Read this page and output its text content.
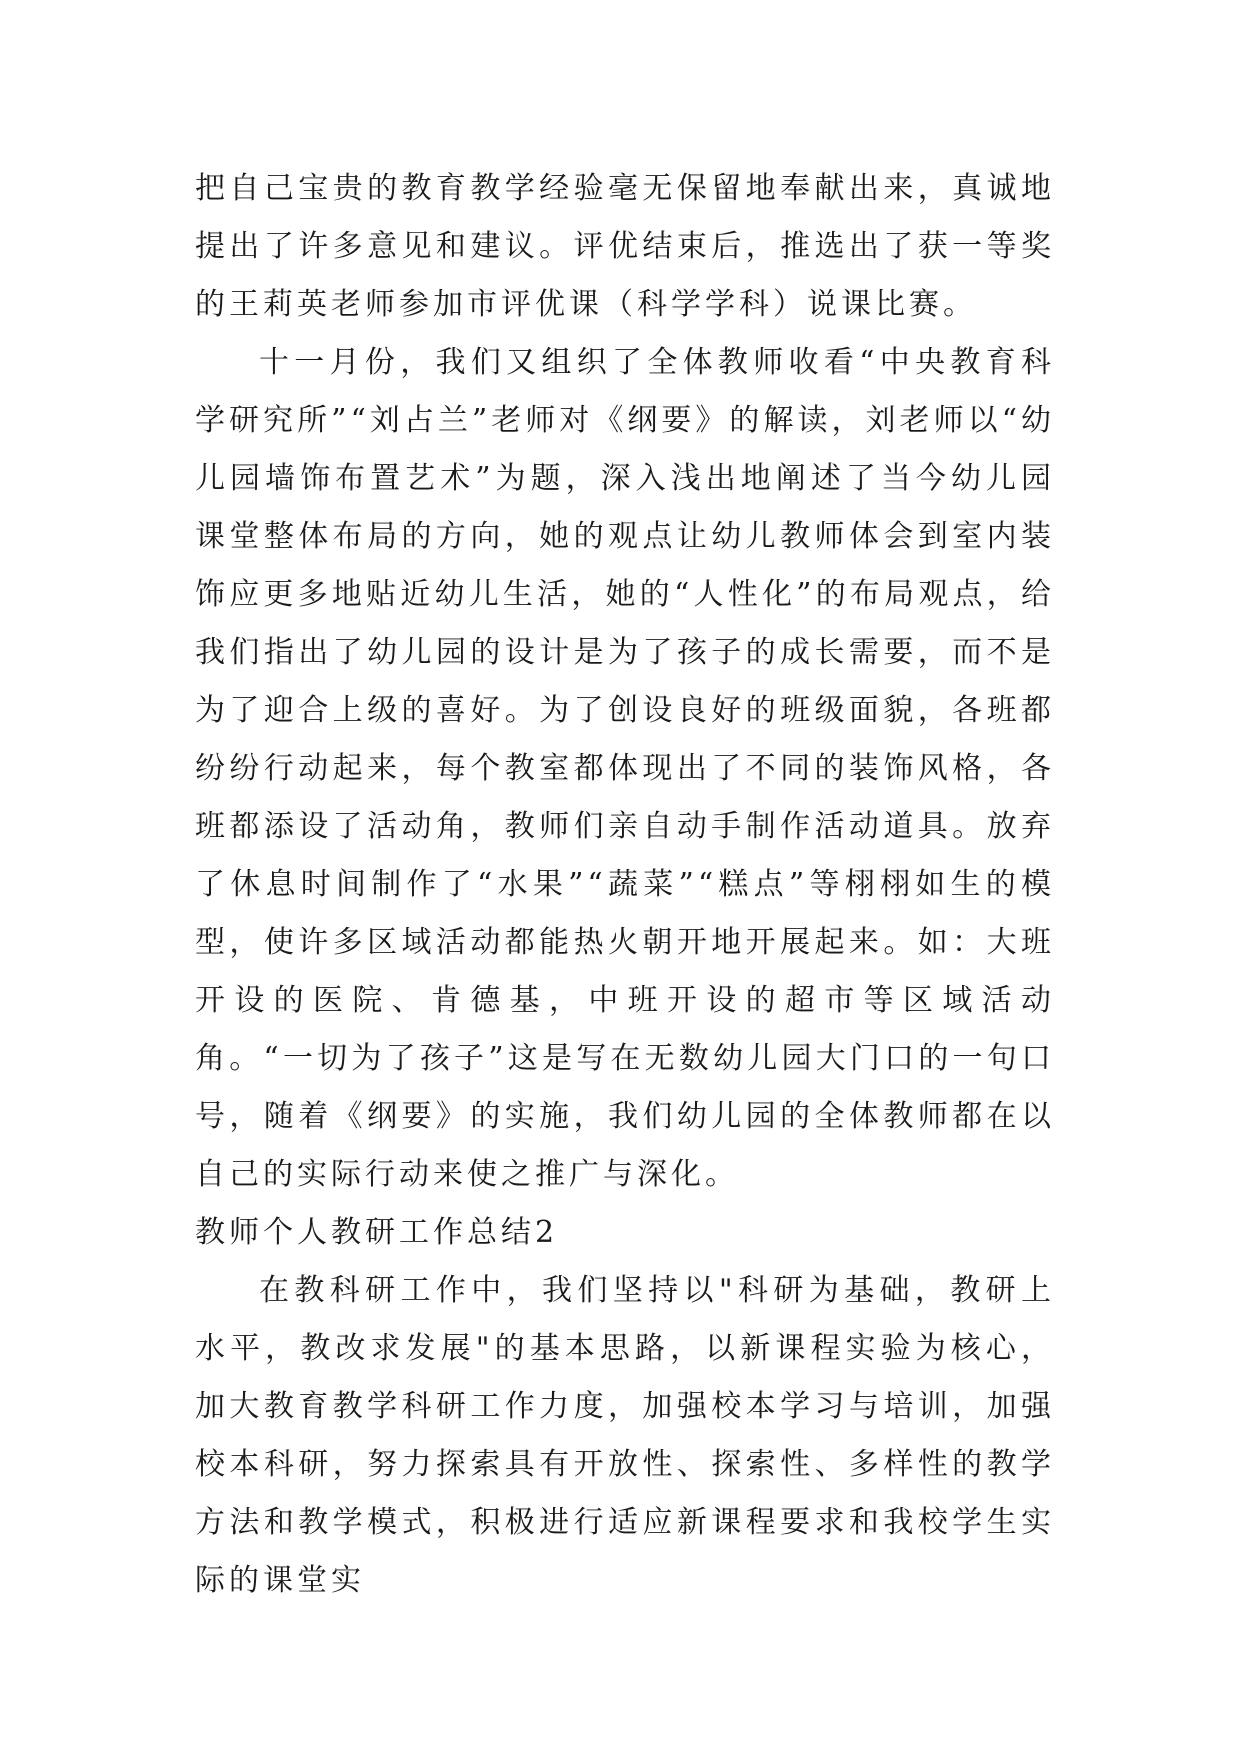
把自己宝贵的教育教学经验毫无保留地奉献出来，真诚地提出了许多意见和建议。评优结束后，推选出了获一等奖的王莉英老师参加市评优课（科学学科）说课比赛。

十一月份，我们又组织了全体教师收看“中央教育科学研究所”“刘占兰”老师对《纲要》的解读，刘老师以“幼儿园墙饰布置艺术”为题，深入浅出地阐述了当今幼儿园课堂整体布局的方向，她的观点让幼儿教师体会到室内装饰应更多地贴近幼儿生活，她的“人性化”的布局观点，给我们指出了幼儿园的设计是为了孩子的成长需要，而不是为了迎合上级的喜好。为了创设良好的班级面貌，各班都纷纷行动起来，每个教室都体现出了不同的装饰风格，各班都添设了活动角，教师们亲自动手制作活动道具。放弃了休息时间制作了“水果”“蔬菜”“糕点”等栩栩如生的模型，使许多区域活动都能热火朝开地开展起来。如：大班开设的医院、肯德基，中班开设的超市等区域活动角。“一切为了孩子”这是写在无数幼儿园大门口的一句口号，随着《纲要》的实施，我们幼儿园的全体教师都在以自己的实际行动来使之推广与深化。

教师个人教研工作总结2

在教科研工作中，我们坚持以"科研为基础，教研上水平，教改求发展"的基本思路，以新课程实验为核心，加大教育教学科研工作力度，加强校本学习与培训，加强校本科研，努力探索具有开放性、探索性、多样性的教学方法和教学模式，积极进行适应新课程要求和我校学生实际的课堂实
